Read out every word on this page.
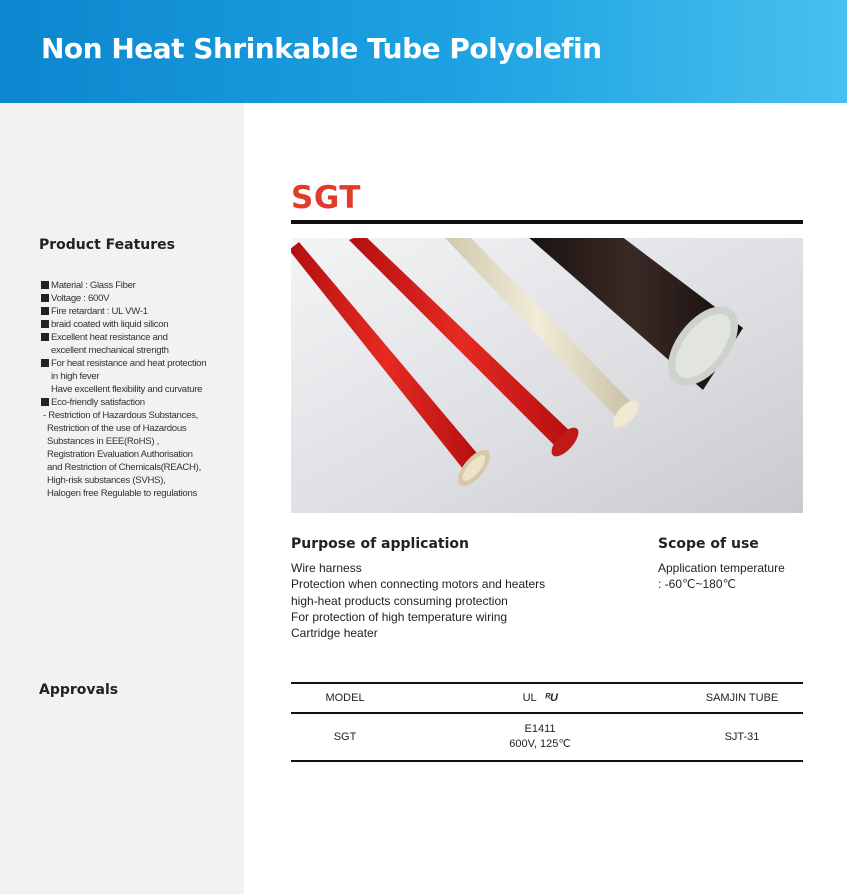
Non Heat Shrinkable Tube Polyolefin
Product Features
Material : Glass Fiber
Voltage : 600V
Fire retardant : UL VW-1
braid coated with liquid silicon
Excellent heat resistance and
excellent mechanical strength
For heat resistance and heat protection
in high fever
Have excellent flexibility and curvature
Eco-friendly satisfaction
- Restriction of Hazardous Substances,
Restriction of the use of Hazardous
Substances in EEE(RoHS) ,
Registration Evaluation Authorisation
and Restriction of Chemicals(REACH),
High-risk substances (SVHS),
Halogen free Regulable to regulations
Approvals
SGT
Purpose of application
Wire harness
Protection when connecting motors and heaters
high-heat products consuming protection
For protection of high temperature wiring
Cartridge heater
Scope of use
Application temperature
: -60℃~180℃
MODEL	UL ᴿU	SAMJIN TUBE
SGT
E1411
600V, 125℃
SJT-31
